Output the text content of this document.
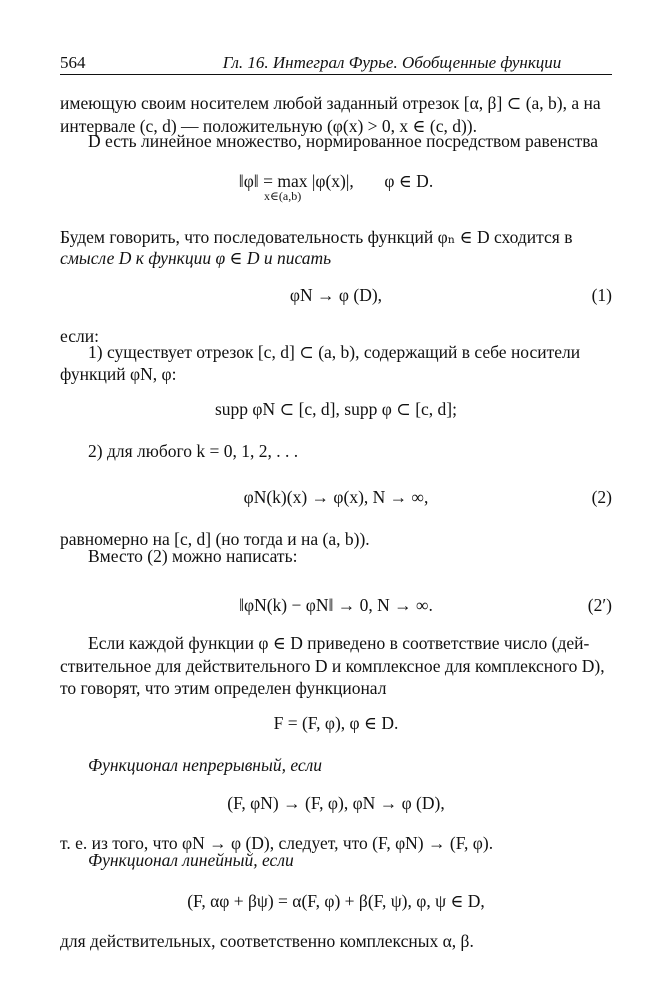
564	Гл. 16. Интеграл Фурье. Обобщенные функции
имеющую своим носителем любой заданный отрезок [α, β] ⊂ (a, b), а на
интервале (c, d) — положительную (φ(x) > 0, x ∈ (c, d)).
D есть линейное множество, нормированное посредством равенства
‖φ‖ = max |φ(x)|, φ ∈ D.
x∈(a,b)
Будем говорить, что последовательность функций φₙ ∈ D сходится в
смысле D к функции φ ∈ D и писать
φN → φ (D),	(1)
если:
1) существует отрезок [c, d] ⊂ (a, b), содержащий в себе носители
функций φN, φ:
supp φN ⊂ [c, d], supp φ ⊂ [c, d];
2) для любого k = 0, 1, 2, . . .
φN(k)(x) → φ(x), N → ∞,	(2)
равномерно на [c, d] (но тогда и на (a, b)).
Вместо (2) можно написать:
‖φN(k) − φN‖ → 0, N → ∞.	(2′)
Если каждой функции φ ∈ D приведено в соответствие число (дей-
ствительное для действительного D и комплексное для комплексного D),
то говорят, что этим определен функционал
F = (F, φ), φ ∈ D.
Функционал непрерывный, если
(F, φN) → (F, φ), φN → φ (D),
т. е. из того, что φN → φ (D), следует, что (F, φN) → (F, φ).
Функционал линейный, если
(F, αφ + βψ) = α(F, φ) + β(F, ψ), φ, ψ ∈ D,
для действительных, соответственно комплексных α, β.
